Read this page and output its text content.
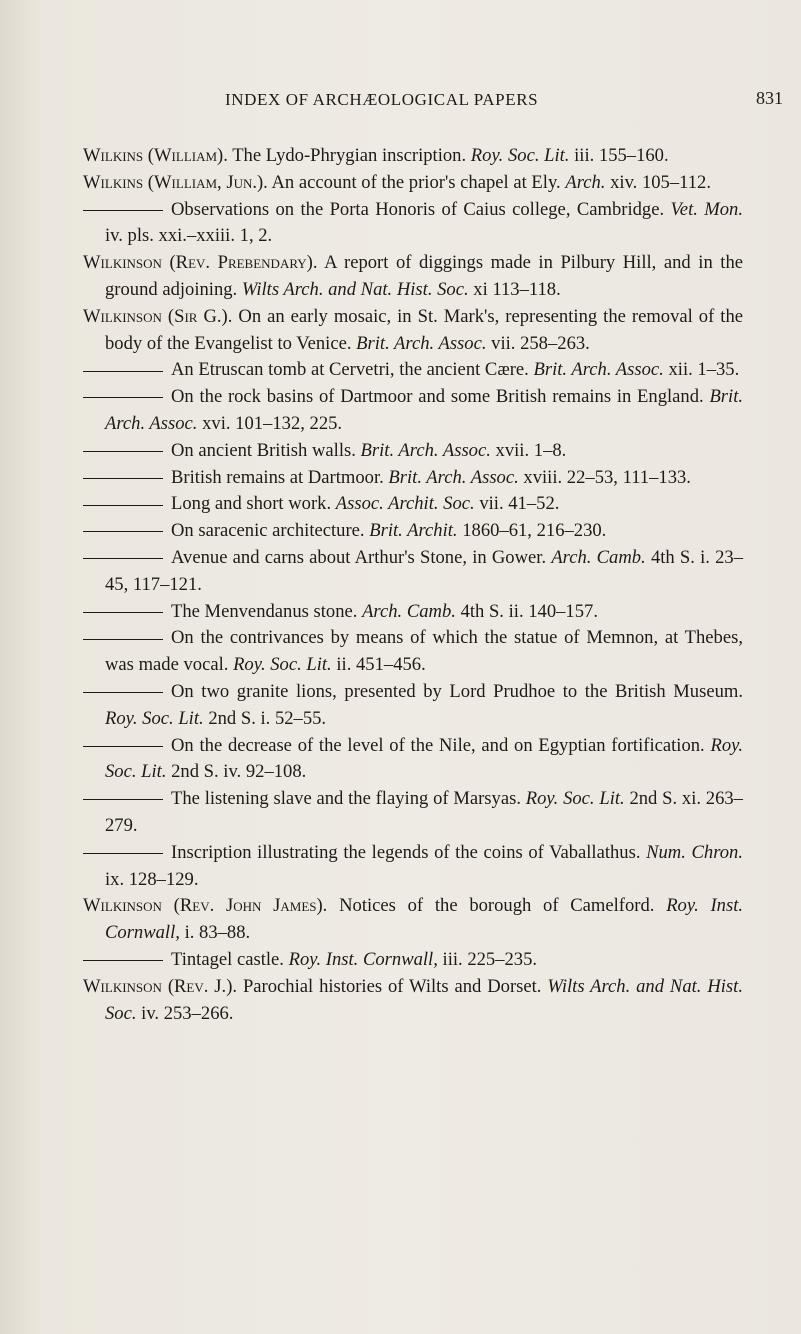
INDEX OF ARCHÆOLOGICAL PAPERS	831
Wilkins (William). The Lydo-Phrygian inscription. Roy. Soc. Lit. iii. 155–160.
Wilkins (William, Jun.). An account of the prior's chapel at Ely. Arch. xiv. 105–112.
Observations on the Porta Honoris of Caius college, Cambridge. Vet. Mon. iv. pls. xxi.–xxiii. 1, 2.
Wilkinson (Rev. Prebendary). A report of diggings made in Pilbury Hill, and in the ground adjoining. Wilts Arch. and Nat. Hist. Soc. xi 113–118.
Wilkinson (Sir G.). On an early mosaic, in St. Mark's, representing the removal of the body of the Evangelist to Venice. Brit. Arch. Assoc. vii. 258–263.
An Etruscan tomb at Cervetri, the ancient Cære. Brit. Arch. Assoc. xii. 1–35.
On the rock basins of Dartmoor and some British remains in England. Brit. Arch. Assoc. xvi. 101–132, 225.
On ancient British walls. Brit. Arch. Assoc. xvii. 1–8.
British remains at Dartmoor. Brit. Arch. Assoc. xviii. 22–53, 111–133.
Long and short work. Assoc. Archit. Soc. vii. 41–52.
On saracenic architecture. Brit. Archit. 1860–61, 216–230.
Avenue and carns about Arthur's Stone, in Gower. Arch. Camb. 4th S. i. 23–45, 117–121.
The Menvendanus stone. Arch. Camb. 4th S. ii. 140–157.
On the contrivances by means of which the statue of Memnon, at Thebes, was made vocal. Roy. Soc. Lit. ii. 451–456.
On two granite lions, presented by Lord Prudhoe to the British Museum. Roy. Soc. Lit. 2nd S. i. 52–55.
On the decrease of the level of the Nile, and on Egyptian fortification. Roy. Soc. Lit. 2nd S. iv. 92–108.
The listening slave and the flaying of Marsyas. Roy. Soc. Lit. 2nd S. xi. 263–279.
Inscription illustrating the legends of the coins of Vaballathus. Num. Chron. ix. 128–129.
Wilkinson (Rev. John James). Notices of the borough of Camelford. Roy. Inst. Cornwall, i. 83–88.
Tintagel castle. Roy. Inst. Cornwall, iii. 225–235.
Wilkinson (Rev. J.). Parochial histories of Wilts and Dorset. Wilts Arch. and Nat. Hist. Soc. iv. 253–266.
